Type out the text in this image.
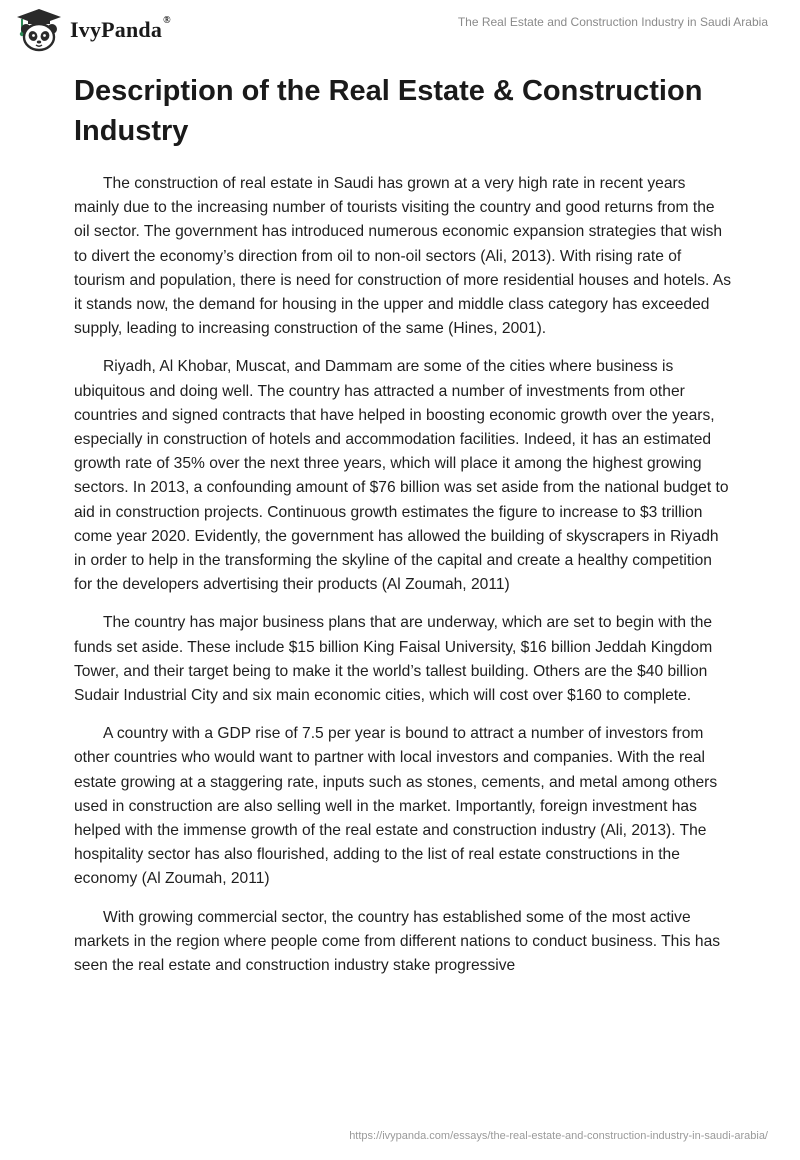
IvyPanda®	The Real Estate and Construction Industry in Saudi Arabia
Description of the Real Estate & Construction Industry

The construction of real estate in Saudi has grown at a very high rate in recent years mainly due to the increasing number of tourists visiting the country and good returns from the oil sector. The government has introduced numerous economic expansion strategies that wish to divert the economy’s direction from oil to non-oil sectors (Ali, 2013). With rising rate of tourism and population, there is need for construction of more residential houses and hotels. As it stands now, the demand for housing in the upper and middle class category has exceeded supply, leading to increasing construction of the same (Hines, 2001).

Riyadh, Al Khobar, Muscat, and Dammam are some of the cities where business is ubiquitous and doing well. The country has attracted a number of investments from other countries and signed contracts that have helped in boosting economic growth over the years, especially in construction of hotels and accommodation facilities. Indeed, it has an estimated growth rate of 35% over the next three years, which will place it among the highest growing sectors. In 2013, a confounding amount of $76 billion was set aside from the national budget to aid in construction projects. Continuous growth estimates the figure to increase to $3 trillion come year 2020. Evidently, the government has allowed the building of skyscrapers in Riyadh in order to help in the transforming the skyline of the capital and create a healthy competition for the developers advertising their products (Al Zoumah, 2011)

The country has major business plans that are underway, which are set to begin with the funds set aside. These include $15 billion King Faisal University, $16 billion Jeddah Kingdom Tower, and their target being to make it the world’s tallest building. Others are the $40 billion Sudair Industrial City and six main economic cities, which will cost over $160 to complete.

A country with a GDP rise of 7.5 per year is bound to attract a number of investors from other countries who would want to partner with local investors and companies. With the real estate growing at a staggering rate, inputs such as stones, cements, and metal among others used in construction are also selling well in the market. Importantly, foreign investment has helped with the immense growth of the real estate and construction industry (Ali, 2013). The hospitality sector has also flourished, adding to the list of real estate constructions in the economy (Al Zoumah, 2011)

With growing commercial sector, the country has established some of the most active markets in the region where people come from different nations to conduct business. This has seen the real estate and construction industry stake progressive

https://ivypanda.com/essays/the-real-estate-and-construction-industry-in-saudi-arabia/
